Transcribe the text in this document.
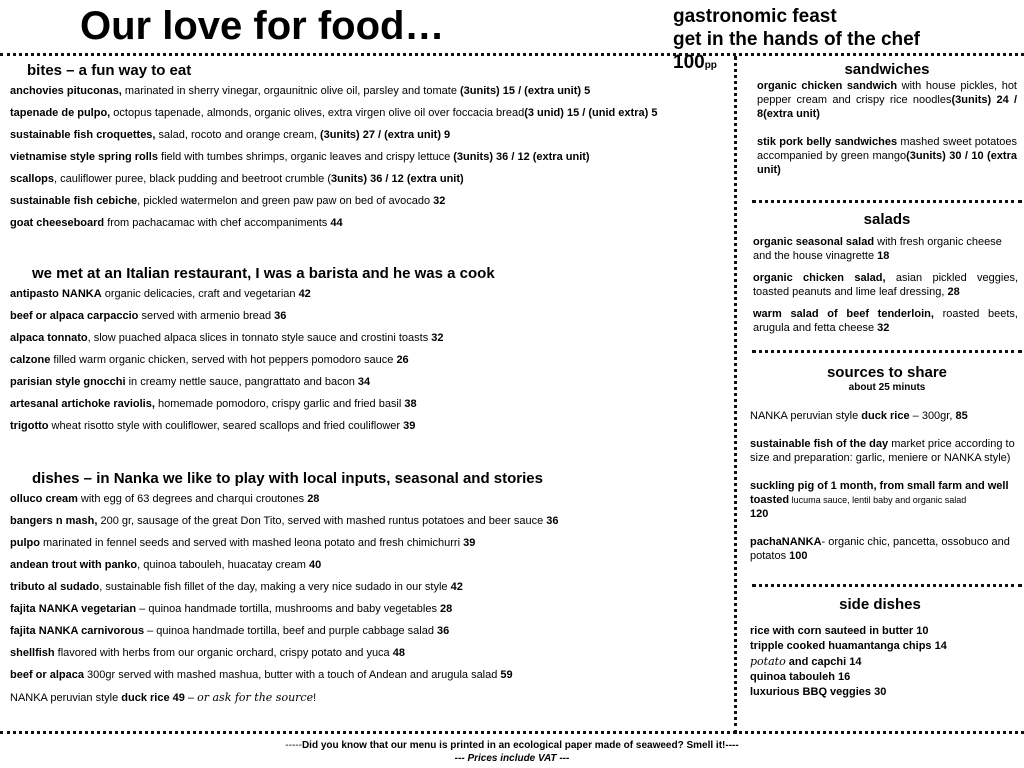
Our love for food…	gastronomic feast
get in the hands of the chef
100pp
bites – a fun way to eat
anchovies pituconas, marinated in sherry vinegar, orgaunitnic olive oil, parsley and tomate (3units) 15 / (extra unit) 5
tapenade de pulpo, octopus tapenade, almonds, organic olives, extra virgen olive oil over foccacia bread(3 unid) 15 / (unid extra) 5
sustainable fish croquettes, salad, rocoto and orange cream, (3units) 27 / (extra unit) 9
vietnamise style spring rolls field with tumbes shrimps, organic leaves and crispy lettuce (3units) 36 / 12 (extra unit)
scallops, cauliflower puree, black pudding and beetroot crumble (3units) 36 / 12 (extra unit)
sustainable fish cebiche, pickled watermelon and green paw paw on bed of avocado 32
goat cheeseboard from pachacamac with chef accompaniments 44
we met at an Italian restaurant, I was a barista and he was a cook
antipasto NANKA organic delicacies, craft and vegetarian 42
beef or alpaca carpaccio served with armenio bread 36
alpaca tonnato, slow puached alpaca slices in tonnato style sauce and crostini toasts 32
calzone filled warm organic chicken, served with hot peppers pomodoro sauce 26
parisian style gnocchi in creamy nettle sauce, pangrattato and bacon 34
artesanal artichoke raviolis, homemade pomodoro, crispy garlic and fried basil 38
trigotto wheat risotto style with couliflower, seared scallops and fried couliflower 39
dishes – in Nanka we like to play with local inputs, seasonal and stories
olluco cream with egg of 63 degrees and charqui croutones 28
bangers n mash, 200 gr, sausage of the great Don Tito, served with mashed runtus potatoes and beer sauce 36
pulpo marinated in fennel seeds and served with mashed leona potato and fresh chimichurri 39
andean trout with panko, quinoa tabouleh, huacatay cream 40
tributo al sudado, sustainable fish fillet of the day, making a very nice sudado in our style 42
fajita NANKA vegetarian – quinoa handmade tortilla, mushrooms and baby vegetables 28
fajita NANKA carnivorous – quinoa handmade tortilla, beef and purple cabbage salad 36
shellfish flavored with herbs from our organic orchard, crispy potato and yuca 48
beef or alpaca 300gr served with mashed mashua, butter with a touch of Andean and arugula salad 59
NANKA peruvian style duck rice 49 – or ask for the source!
sandwiches
organic chicken sandwich with house pickles, hot pepper cream and crispy rice noodles(3units) 24 / 8(extra unit)
stik pork belly sandwiches mashed sweet potatoes accompanied by green mango(3units) 30 / 10 (extra unit)
salads
organic seasonal salad with fresh organic cheese and the house vinagrette 18
organic chicken salad, asian pickled veggies, toasted peanuts and lime leaf dressing, 28
warm salad of beef tenderloin, roasted beets, arugula and fetta cheese 32
sources to share
about 25 minuts
NANKA peruvian style duck rice – 300gr, 85
sustainable fish of the day market price according to size and preparation: garlic, meniere or NANKA style)
suckling pig of 1 month, from small farm and well toasted lucuma sauce, lentil baby and organic salad
120
pachaNANKA- organic chic, pancetta, ossobuco and potatos 100
side dishes
rice with corn sauteed in butter 10
tripple cooked huamantanga chips 14
potato and capchi 14
quinoa tabouleh 16
luxurious BBQ veggies 30
-----Did you know that our menu is printed in an ecological paper made of seaweed? Smell it!----
--- Prices include VAT ---
